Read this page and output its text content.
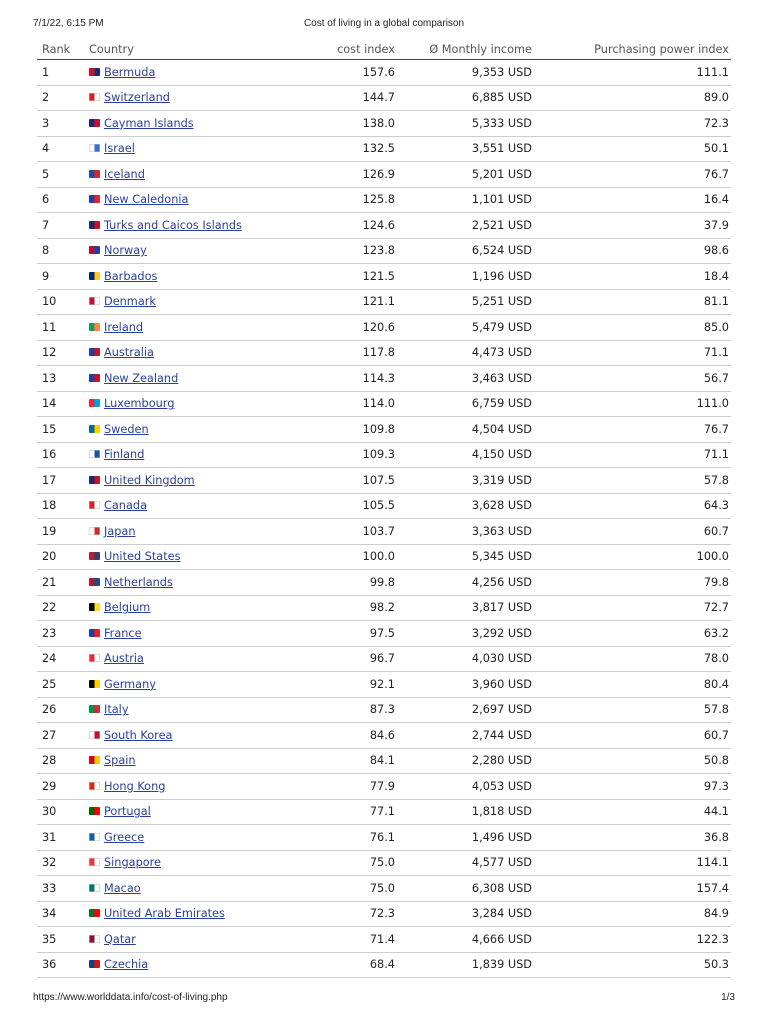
7/1/22, 6:15 PM	Cost of living in a global comparison
Rank	Country	cost index	Ø Monthly income	Purchasing power index
1	Bermuda	157.6	9,353 USD	111.1
2	Switzerland	144.7	6,885 USD	89.0
3	Cayman Islands	138.0	5,333 USD	72.3
4	Israel	132.5	3,551 USD	50.1
5	Iceland	126.9	5,201 USD	76.7
6	New Caledonia	125.8	1,101 USD	16.4
7	Turks and Caicos Islands	124.6	2,521 USD	37.9
8	Norway	123.8	6,524 USD	98.6
9	Barbados	121.5	1,196 USD	18.4
10	Denmark	121.1	5,251 USD	81.1
11	Ireland	120.6	5,479 USD	85.0
12	Australia	117.8	4,473 USD	71.1
13	New Zealand	114.3	3,463 USD	56.7
14	Luxembourg	114.0	6,759 USD	111.0
15	Sweden	109.8	4,504 USD	76.7
16	Finland	109.3	4,150 USD	71.1
17	United Kingdom	107.5	3,319 USD	57.8
18	Canada	105.5	3,628 USD	64.3
19	Japan	103.7	3,363 USD	60.7
20	United States	100.0	5,345 USD	100.0
21	Netherlands	99.8	4,256 USD	79.8
22	Belgium	98.2	3,817 USD	72.7
23	France	97.5	3,292 USD	63.2
24	Austria	96.7	4,030 USD	78.0
25	Germany	92.1	3,960 USD	80.4
26	Italy	87.3	2,697 USD	57.8
27	South Korea	84.6	2,744 USD	60.7
28	Spain	84.1	2,280 USD	50.8
29	Hong Kong	77.9	4,053 USD	97.3
30	Portugal	77.1	1,818 USD	44.1
31	Greece	76.1	1,496 USD	36.8
32	Singapore	75.0	4,577 USD	114.1
33	Macao	75.0	6,308 USD	157.4
34	United Arab Emirates	72.3	3,284 USD	84.9
35	Qatar	71.4	4,666 USD	122.3
36	Czechia	68.4	1,839 USD	50.3
https://www.worlddata.info/cost-of-living.php	1/3
